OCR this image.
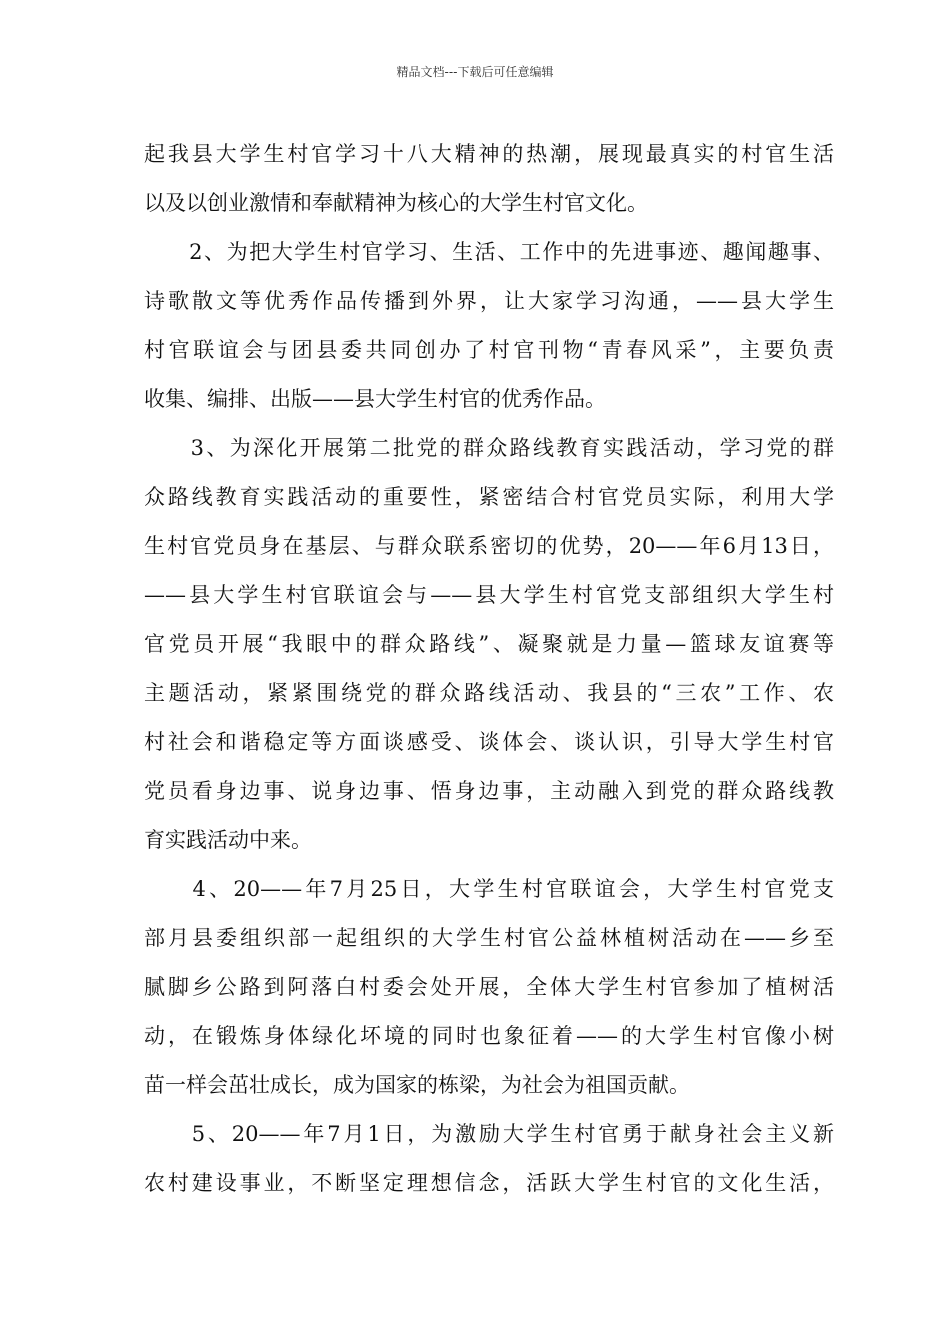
精品文档---下载后可任意编辑
起我县大学生村官学习十八大精神的热潮，展现最真实的村官生活
以及以创业激情和奉献精神为核心的大学生村官文化。
　　2、为把大学生村官学习、生活、工作中的先进事迹、趣闻趣事、
诗歌散文等优秀作品传播到外界，让大家学习沟通，——县大学生
村官联谊会与团县委共同创办了村官刊物“青春风采”，主要负责
收集、编排、出版——县大学生村官的优秀作品。
　　3、为深化开展第二批党的群众路线教育实践活动，学习党的群
众路线教育实践活动的重要性，紧密结合村官党员实际，利用大学
生村官党员身在基层、与群众联系密切的优势，20——年6月13日，
——县大学生村官联谊会与——县大学生村官党支部组织大学生村
官党员开展“我眼中的群众路线”、凝聚就是力量—篮球友谊赛等
主题活动，紧紧围绕党的群众路线活动、我县的“三农”工作、农
村社会和谐稳定等方面谈感受、谈体会、谈认识，引导大学生村官
党员看身边事、说身边事、悟身边事，主动融入到党的群众路线教
育实践活动中来。
　　4、20——年7月25日，大学生村官联谊会，大学生村官党支
部月县委组织部一起组织的大学生村官公益林植树活动在——乡至
腻脚乡公路到阿落白村委会处开展，全体大学生村官参加了植树活
动，在锻炼身体绿化坏境的同时也象征着——的大学生村官像小树
苗一样会茁壮成长，成为国家的栋梁，为社会为祖国贡献。
　　5、20——年7月1日，为激励大学生村官勇于献身社会主义新
农村建设事业，不断坚定理想信念，活跃大学生村官的文化生活，
